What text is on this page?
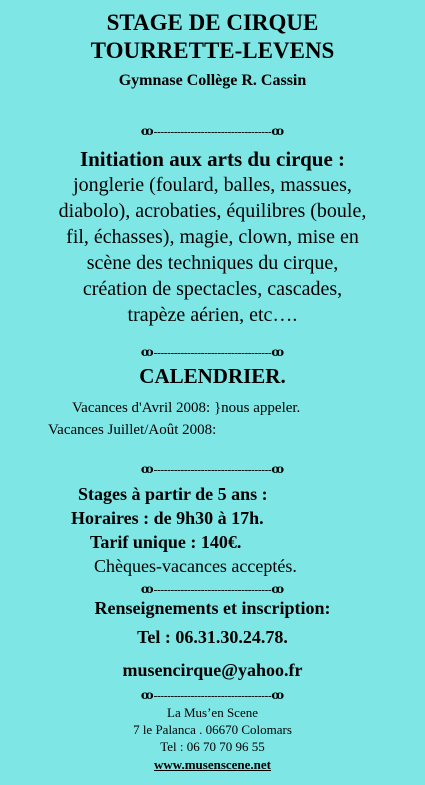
STAGE DE CIRQUE
TOURRETTE-LEVENS
Gymnase Collège R. Cassin
ꝏ-----------------------------------ꝏ
Initiation aux arts du cirque :
jonglerie (foulard, balles, massues,
diabolo), acrobaties, équilibres (boule,
fil, échasses), magie, clown, mise en
scène des techniques du cirque,
création de spectacles, cascades,
trapèze aérien, etc….
ꝏ-----------------------------------ꝏ
CALENDRIER.
Vacances d'Avril 2008: }nous appeler.
Vacances Juillet/Août 2008:
ꝏ-----------------------------------ꝏ
Stages à partir de 5 ans :
Horaires : de 9h30 à 17h.
Tarif unique : 140€.
Chèques-vacances acceptés.
ꝏ-----------------------------------ꝏ
Renseignements et inscription:
Tel : 06.31.30.24.78.
musencirque@yahoo.fr
ꝏ-----------------------------------ꝏ
La Mus’en Scene
7 le Palanca . 06670 Colomars
Tel : 06 70 70 96 55
www.musenscene.net
